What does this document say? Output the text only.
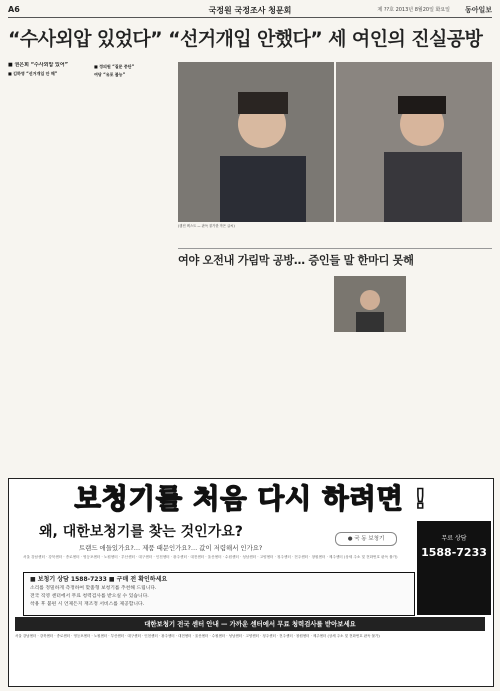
A6	국정원 국정조사 청문회	제 ??호 2013년 8월20일 화요일 동아일보
“수사외압 있었다” “선거개입 안했다” 세 여인의 진실공방
■ 권은희 “수사외압 있어”
■ 김하영 “선거개입 안 해”
■ 정의원 “질문 중단”
여당 “유포 불능”
(캡션 텍스트 — 판독 불가한 작은 글씨)
여야 오전내 가림막 공방… 증인들 말 한마디 못해
보청기를 처음 다시 하려면 !
왜, 대한보청기를 찾는 것인가요?
트랜드 애들있가요?… 제품 때문인가요?… 값이 저렴해서 인가요?
● 국 동 보청기
서울 강남센터 · 강북센터 · 종로센터 · 영등포센터 · 노원센터 · 부산센터 · 대구센터 · 인천센터 · 광주센터 · 대전센터 · 울산센터 · 수원센터 · 성남센터 · 고양센터 · 청주센터 · 전주센터 · 창원센터 · 제주센터 (상세 주소 및 전화번호 판독 불가)
무료 상담
1588-7233
■ 보청기 상담 1588-7233 ■ 구매 전 확인하세요
소리를 정밀하게 측정하여 맞춤형 보청기를 추천해 드립니다.
전국 직영 센터에서 무료 청력검사를 받으실 수 있습니다.
착용 후 불편 시 언제든지 재조정 서비스를 제공합니다.
대한보청기 전국 센터 안내 — 가까운 센터에서 무료 청력검사를 받아보세요
서울 강남센터 · 강북센터 · 종로센터 · 영등포센터 · 노원센터 · 부산센터 · 대구센터 · 인천센터 · 광주센터 · 대전센터 · 울산센터 · 수원센터 · 성남센터 · 고양센터 · 청주센터 · 전주센터 · 창원센터 · 제주센터 (상세 주소 및 전화번호 판독 불가)
